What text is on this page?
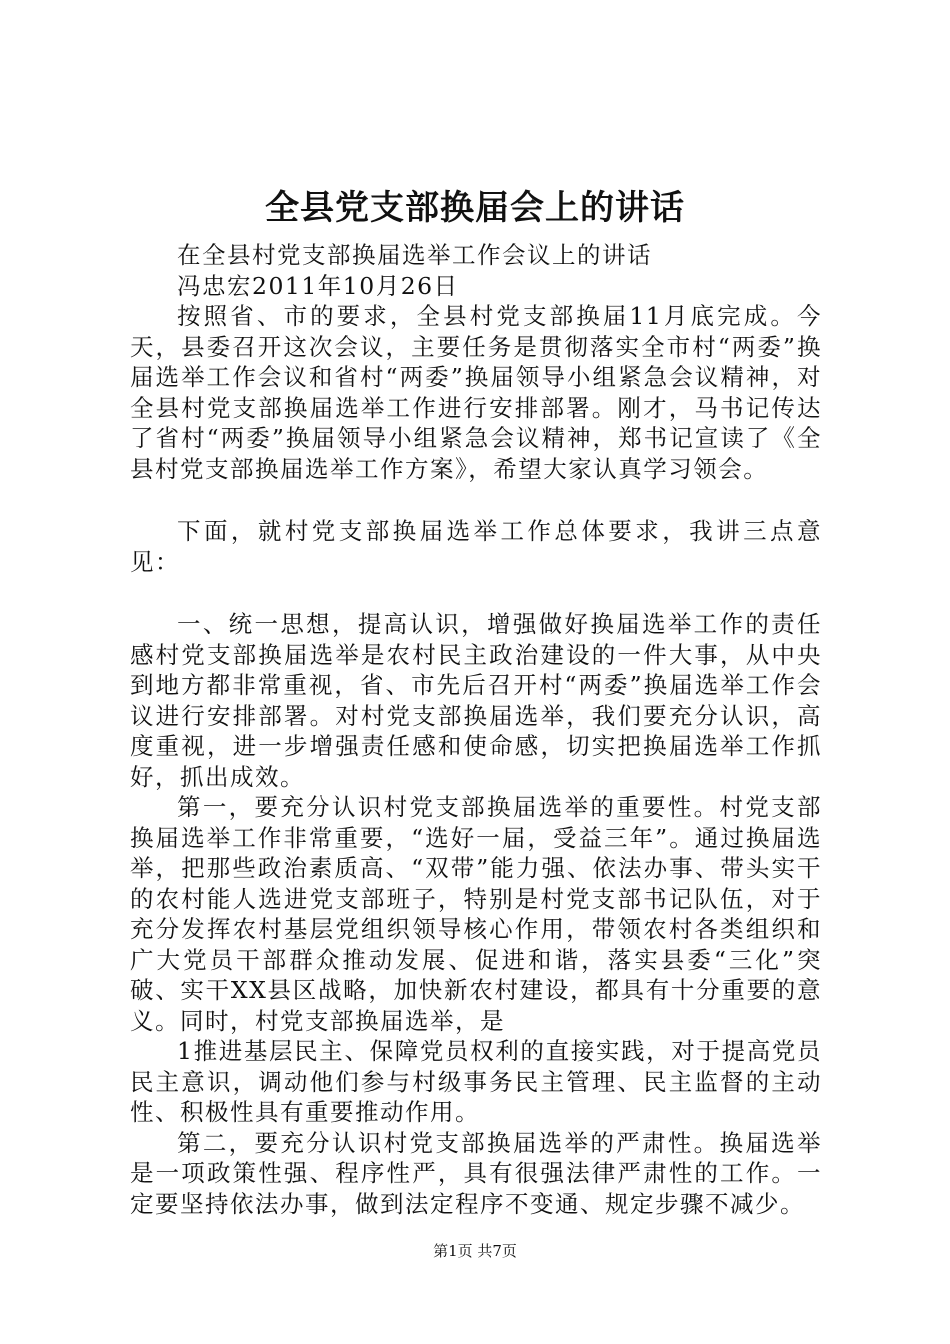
全县党支部换届会上的讲话

在全县村党支部换届选举工作会议上的讲话

冯忠宏2011年10月26日

按照省、市的要求，全县村党支部换届11月底完成。今天，县委召开这次会议，主要任务是贯彻落实全市村“两委”换届选举工作会议和省村“两委”换届领导小组紧急会议精神，对全县村党支部换届选举工作进行安排部署。刚才，马书记传达了省村“两委”换届领导小组紧急会议精神，郑书记宣读了《全县村党支部换届选举工作方案》，希望大家认真学习领会。

下面，就村党支部换届选举工作总体要求，我讲三点意见：

一、统一思想，提高认识，增强做好换届选举工作的责任感村党支部换届选举是农村民主政治建设的一件大事，从中央到地方都非常重视，省、市先后召开村“两委”换届选举工作会议进行安排部署。对村党支部换届选举，我们要充分认识，高度重视，进一步增强责任感和使命感，切实把换届选举工作抓好，抓出成效。

第一，要充分认识村党支部换届选举的重要性。村党支部换届选举工作非常重要，“选好一届，受益三年”。通过换届选举，把那些政治素质高、“双带”能力强、依法办事、带头实干的农村能人选进党支部班子，特别是村党支部书记队伍，对于充分发挥农村基层党组织领导核心作用，带领农村各类组织和广大党员干部群众推动发展、促进和谐，落实县委“三化”突破、实干XX县区战略，加快新农村建设，都具有十分重要的意义。同时，村党支部换届选举，是

1推进基层民主、保障党员权利的直接实践，对于提高党员民主意识，调动他们参与村级事务民主管理、民主监督的主动性、积极性具有重要推动作用。

第二，要充分认识村党支部换届选举的严肃性。换届选举是一项政策性强、程序性严，具有很强法律严肃性的工作。一定要坚持依法办事，做到法定程序不变通、规定步骤不减少。

第1页 共7页
